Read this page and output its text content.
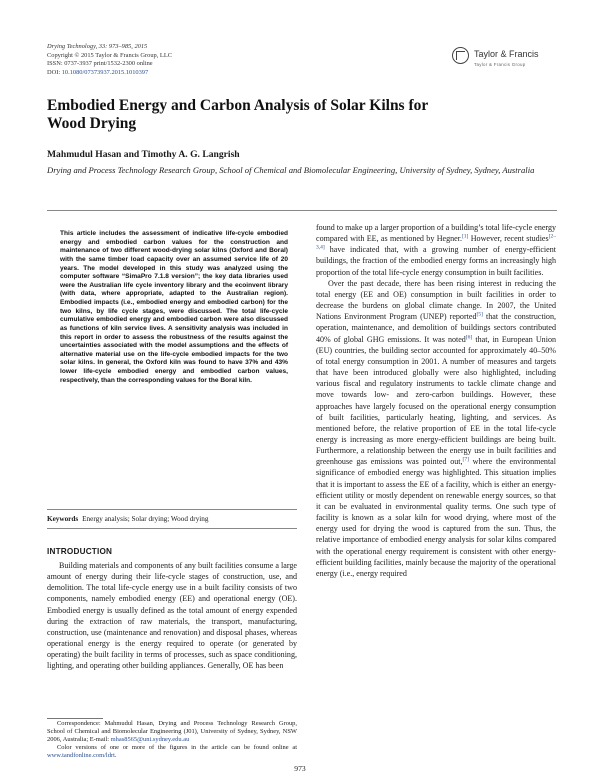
Drying Technology, 33: 973–985, 2015
Copyright © 2015 Taylor & Francis Group, LLC
ISSN: 0737-3937 print/1532-2300 online
DOI: 10.1080/07373937.2015.1010397
Taylor & Francis
Taylor & Francis Group
Embodied Energy and Carbon Analysis of Solar Kilns for Wood Drying
Mahmudul Hasan and Timothy A. G. Langrish
Drying and Process Technology Research Group, School of Chemical and Biomolecular Engineering, University of Sydney, Sydney, Australia
This article includes the assessment of indicative life-cycle embodied energy and embodied carbon values for the construction and maintenance of two different wood-drying solar kilns (Oxford and Boral) with the same timber load capacity over an assumed service life of 20 years. The model developed in this study was analyzed using the computer software “SimaPro 7.1.8 version”; the key data libraries used were the Australian life cycle inventory library and the ecoinvent library (with data, where appropriate, adapted to the Australian region). Embodied impacts (i.e., embodied energy and embodied carbon) for the two kilns, by life cycle stages, were discussed. The total life-cycle cumulative embodied energy and embodied carbon were also discussed as functions of kiln service lives. A sensitivity analysis was included in this report in order to assess the robustness of the results against the uncertainties associated with the model assumptions and the effects of alternative material use on the life-cycle embodied impacts for the two solar kilns. In general, the Oxford kiln was found to have 37% and 43% lower life-cycle embodied energy and embodied carbon values, respectively, than the corresponding values for the Boral kiln.
Keywords Energy analysis; Solar drying; Wood drying
INTRODUCTION

Building materials and components of any built facilities consume a large amount of energy during their life-cycle stages of construction, use, and demolition. The total life-cycle energy use in a built facility consists of two components, namely embodied energy (EE) and operational energy (OE). Embodied energy is usually defined as the total amount of energy expended during the extraction of raw materials, the transport, manufacturing, construction, use (maintenance and renovation) and disposal phases, whereas operational energy is the energy required to operate (or generated by operating) the built facility in terms of processes, such as space conditioning, lighting, and operating other building appliances. Generally, OE has been

Correspondence: Mahmudul Hasan, Drying and Process Technology Research Group, School of Chemical and Biomolecular Engineering (J01), University of Sydney, Sydney, NSW 2006, Australia; E-mail: mhas8565@uni.sydney.edu.au

Color versions of one or more of the figures in the article can be found online at www.tandfonline.com/ldrt.

found to make up a larger proportion of a building’s total life-cycle energy compared with EE, as mentioned by Hegner.[1] However, recent studies[2–3,4] have indicated that, with a growing number of energy-efficient buildings, the fraction of the embodied energy forms an increasingly high proportion of the total life-cycle energy consumption in built facilities.

Over the past decade, there has been rising interest in reducing the total energy (EE and OE) consumption in built facilities in order to decrease the burdens on global climate change. In 2007, the United Nations Environment Program (UNEP) reported[5] that the construction, operation, maintenance, and demolition of buildings sectors contributed 40% of global GHG emissions. It was noted[6] that, in European Union (EU) countries, the building sector accounted for approximately 40–50% of total energy consumption in 2001. A number of measures and targets that have been introduced globally were also highlighted, including various fiscal and regulatory instruments to tackle climate change and move towards low- and zero-carbon buildings. However, these approaches have largely focused on the operational energy consumption of built facilities, particularly heating, lighting, and services. As mentioned before, the relative proportion of EE in the total life-cycle energy is increasing as more energy-efficient buildings are being built. Furthermore, a relationship between the energy use in built facilities and greenhouse gas emissions was pointed out,[7] where the environmental significance of embodied energy was highlighted. This situation implies that it is important to assess the EE of a facility, which is either an energy-efficient utility or mostly dependent on renewable energy sources, so that it can be evaluated in environmental quality terms. One such type of facility is known as a solar kiln for wood drying, where most of the energy used for drying the wood is captured from the sun. Thus, the relative importance of embodied energy analysis for solar kilns compared with the operational energy requirement is consistent with other energy-efficient building facilities, mainly because the majority of the operational energy (i.e., energy required

973
